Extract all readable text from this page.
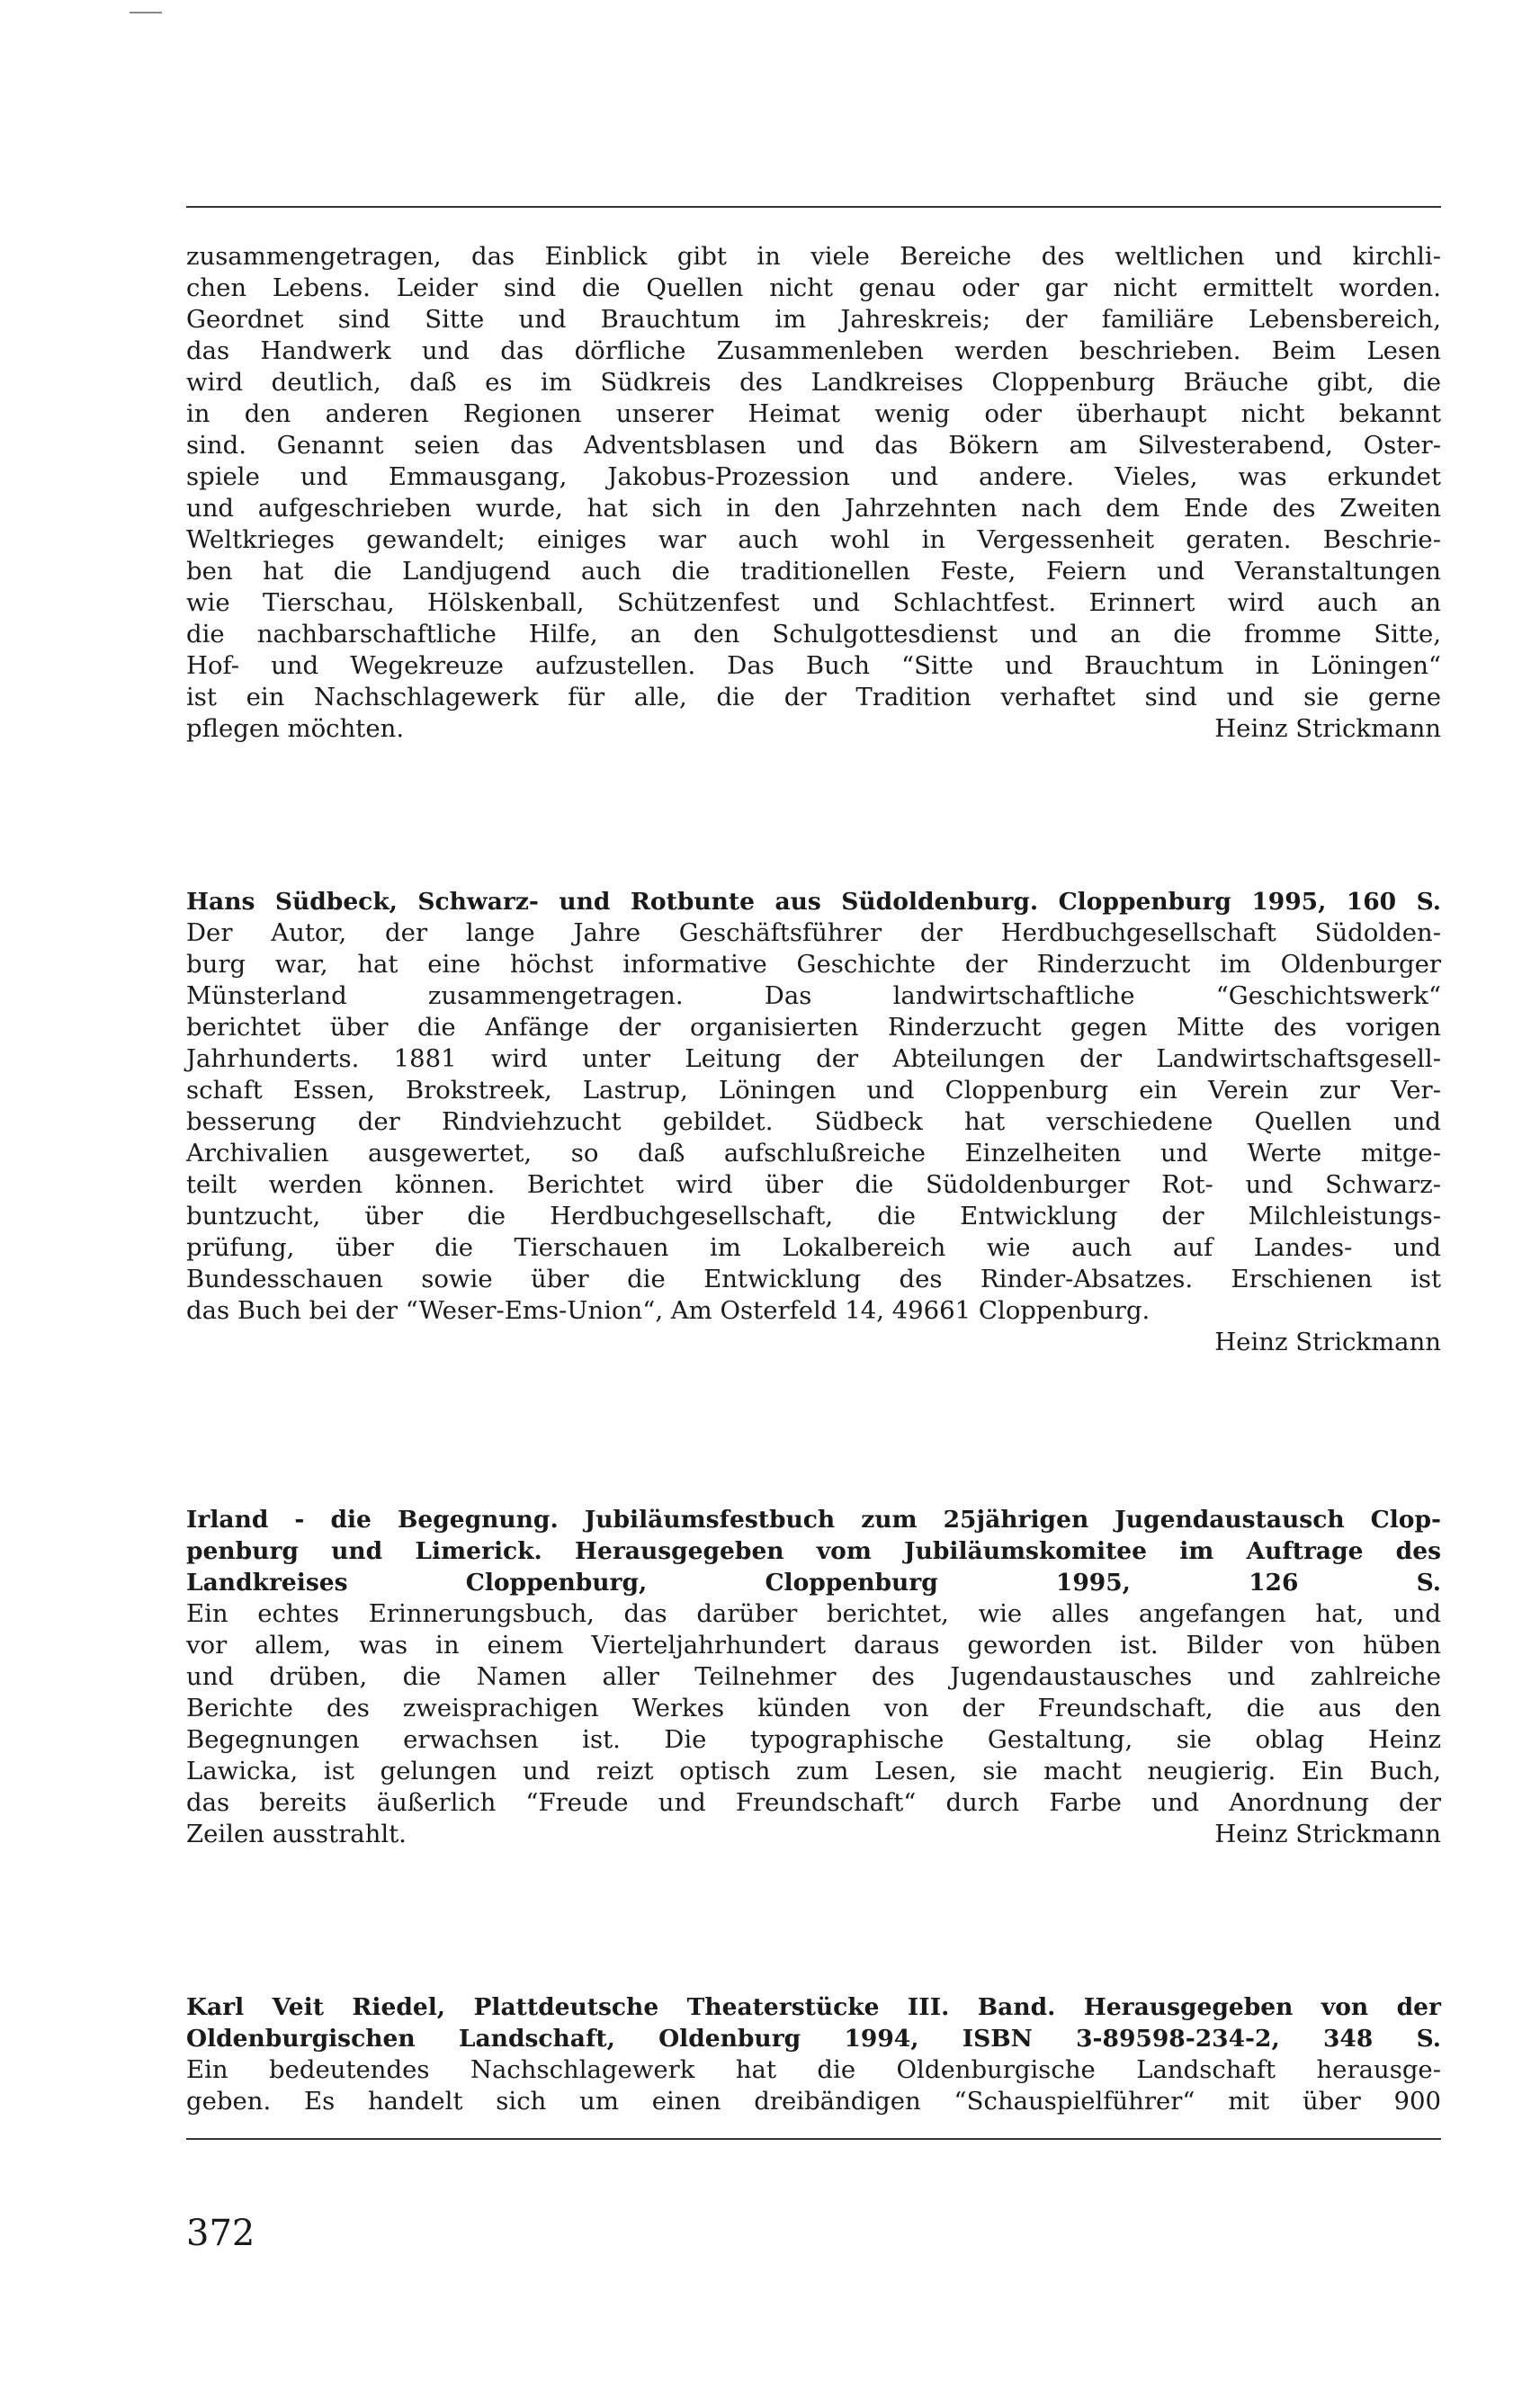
zusammengetragen, das Einblick gibt in viele Bereiche des weltlichen und kirchli-
chen Lebens. Leider sind die Quellen nicht genau oder gar nicht ermittelt worden.
Geordnet sind Sitte und Brauchtum im Jahreskreis; der familiäre Lebensbereich,
das Handwerk und das dörfliche Zusammenleben werden beschrieben. Beim Lesen
wird deutlich, daß es im Südkreis des Landkreises Cloppenburg Bräuche gibt, die
in den anderen Regionen unserer Heimat wenig oder überhaupt nicht bekannt
sind. Genannt seien das Adventsblasen und das Bökern am Silvesterabend, Oster-
spiele und Emmausgang, Jakobus-Prozession und andere. Vieles, was erkundet
und aufgeschrieben wurde, hat sich in den Jahrzehnten nach dem Ende des Zweiten
Weltkrieges gewandelt; einiges war auch wohl in Vergessenheit geraten. Beschrie-
ben hat die Landjugend auch die traditionellen Feste, Feiern und Veranstaltungen
wie Tierschau, Hölskenball, Schützenfest und Schlachtfest. Erinnert wird auch an
die nachbarschaftliche Hilfe, an den Schulgottesdienst und an die fromme Sitte,
Hof- und Wegekreuze aufzustellen. Das Buch “Sitte und Brauchtum in Löningen“
ist ein Nachschlagewerk für alle, die der Tradition verhaftet sind und sie gerne
pflegen möchten.	Heinz Strickmann
Hans Südbeck, Schwarz- und Rotbunte aus Südoldenburg. Cloppenburg 1995, 160 S.
Der Autor, der lange Jahre Geschäftsführer der Herdbuchgesellschaft Südolden-
burg war, hat eine höchst informative Geschichte der Rinderzucht im Oldenburger
Münsterland zusammengetragen. Das landwirtschaftliche “Geschichtswerk“
berichtet über die Anfänge der organisierten Rinderzucht gegen Mitte des vorigen
Jahrhunderts. 1881 wird unter Leitung der Abteilungen der Landwirtschaftsgesell-
schaft Essen, Brokstreek, Lastrup, Löningen und Cloppenburg ein Verein zur Ver-
besserung der Rindviehzucht gebildet. Südbeck hat verschiedene Quellen und
Archivalien ausgewertet, so daß aufschlußreiche Einzelheiten und Werte mitge-
teilt werden können. Berichtet wird über die Südoldenburger Rot- und Schwarz-
buntzucht, über die Herdbuchgesellschaft, die Entwicklung der Milchleistungs-
prüfung, über die Tierschauen im Lokalbereich wie auch auf Landes- und
Bundesschauen sowie über die Entwicklung des Rinder-Absatzes. Erschienen ist
das Buch bei der “Weser-Ems-Union“, Am Osterfeld 14, 49661 Cloppenburg.
Heinz Strickmann
Irland - die Begegnung. Jubiläumsfestbuch zum 25jährigen Jugendaustausch Clop-
penburg und Limerick. Herausgegeben vom Jubiläumskomitee im Auftrage des
Landkreises Cloppenburg, Cloppenburg 1995, 126 S.
Ein echtes Erinnerungsbuch, das darüber berichtet, wie alles angefangen hat, und
vor allem, was in einem Vierteljahrhundert daraus geworden ist. Bilder von hüben
und drüben, die Namen aller Teilnehmer des Jugendaustausches und zahlreiche
Berichte des zweisprachigen Werkes künden von der Freundschaft, die aus den
Begegnungen erwachsen ist. Die typographische Gestaltung, sie oblag Heinz
Lawicka, ist gelungen und reizt optisch zum Lesen, sie macht neugierig. Ein Buch,
das bereits äußerlich “Freude und Freundschaft“ durch Farbe und Anordnung der
Zeilen ausstrahlt.	Heinz Strickmann
Karl Veit Riedel, Plattdeutsche Theaterstücke III. Band. Herausgegeben von der
Oldenburgischen Landschaft, Oldenburg 1994, ISBN 3-89598-234-2, 348 S.
Ein bedeutendes Nachschlagewerk hat die Oldenburgische Landschaft herausge-
geben. Es handelt sich um einen dreibändigen “Schauspielführer“ mit über 900
372
